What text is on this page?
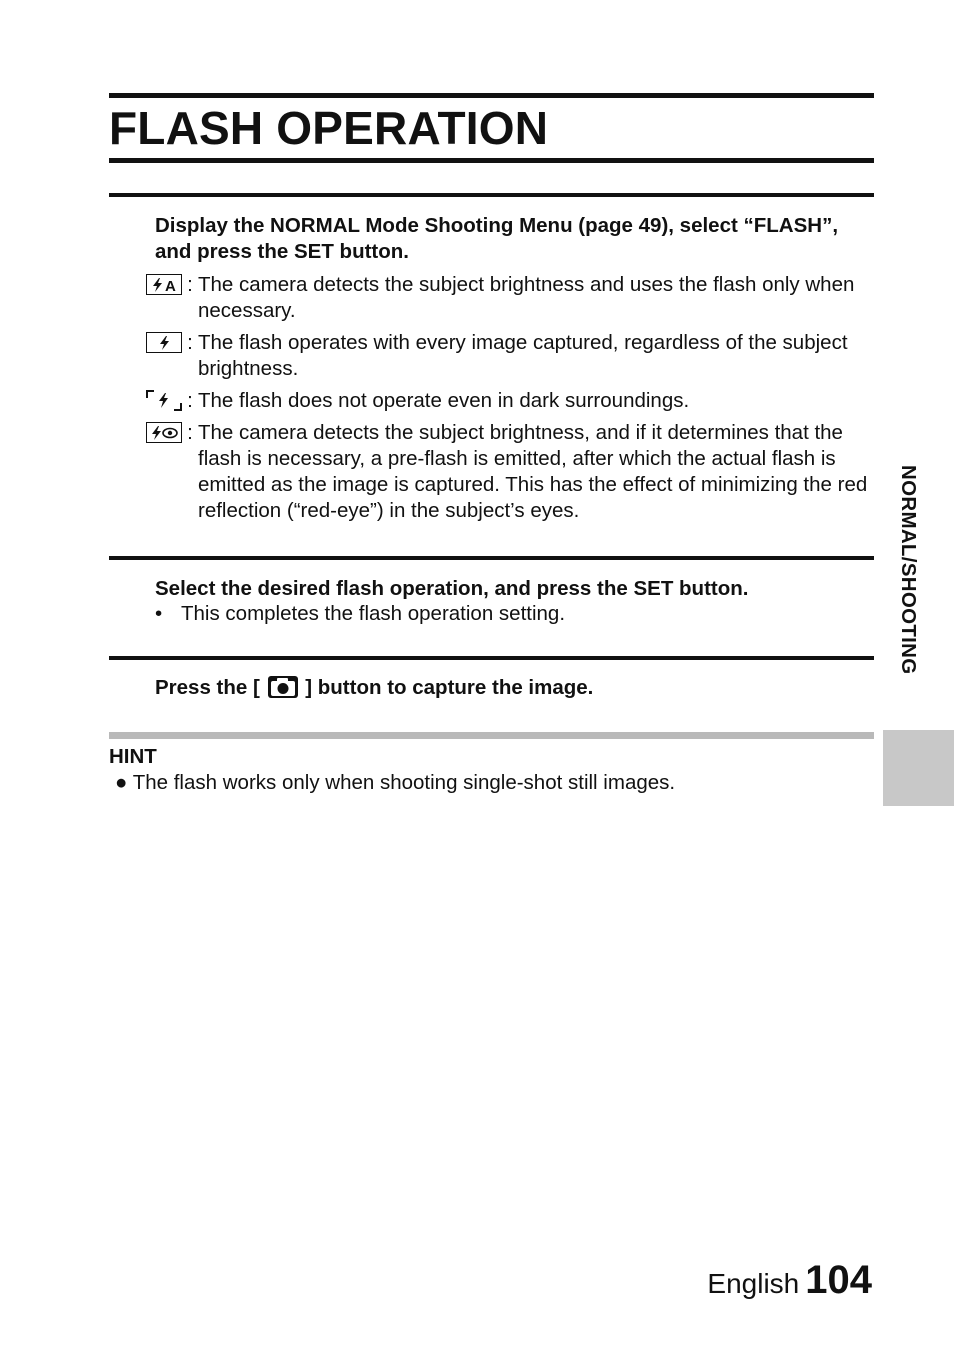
FLASH OPERATION
Display the NORMAL Mode Shooting Menu (page 49), select “FLASH”, and press the SET button.
A : The camera detects the subject brightness and uses the flash only when necessary.
: The flash operates with every image captured, regardless of the subject brightness.
: The flash does not operate even in dark surroundings.
: The camera detects the subject brightness, and if it determines that the flash is necessary, a pre-flash is emitted, after which the actual flash is emitted as the image is captured. This has the effect of minimizing the red reflection (“red-eye”) in the subject’s eyes.
Select the desired flash operation, and press the SET button.
• This completes the flash operation setting.
Press the [ ] button to capture the image.
HINT
● The flash works only when shooting single-shot still images.
NORMAL/SHOOTING
English 104
